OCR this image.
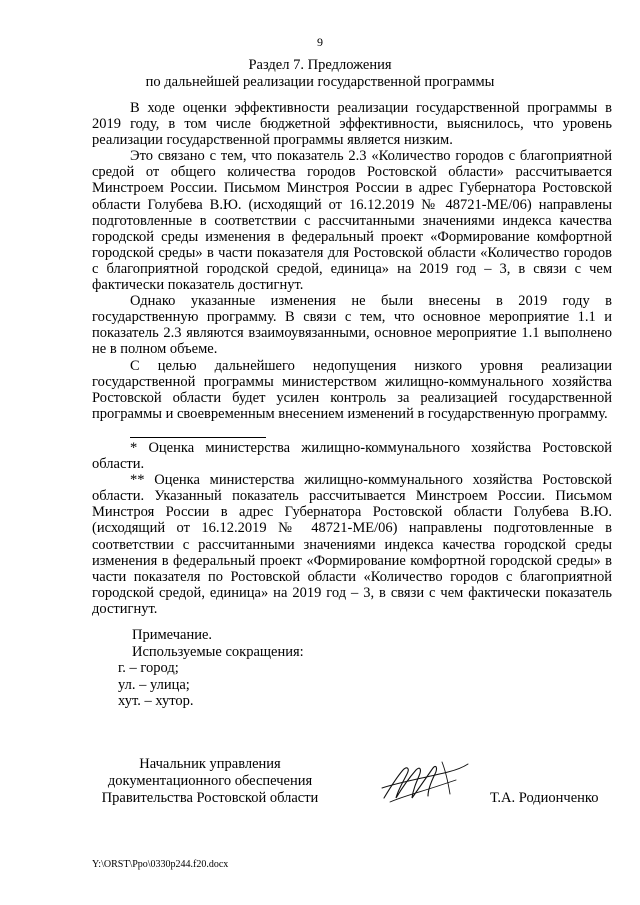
9
Раздел 7. Предложения
по дальнейшей реализации государственной программы

В ходе оценки эффективности реализации государственной программы в 2019 году, в том числе бюджетной эффективности, выяснилось, что уровень реализации государственной программы является низким.

Это связано с тем, что показатель 2.3 «Количество городов с благоприятной средой от общего количества городов Ростовской области» рассчитывается Минстроем России. Письмом Минстроя России в адрес Губернатора Ростовской области Голубева В.Ю. (исходящий от 16.12.2019 № 48721-МЕ/06) направлены подготовленные в соответствии с рассчитанными значениями индекса качества городской среды изменения в федеральный проект «Формирование комфортной городской среды» в части показателя для Ростовской области «Количество городов с благоприятной городской средой, единица» на 2019 год – 3, в связи с чем фактически показатель достигнут.

Однако указанные изменения не были внесены в 2019 году в государственную программу. В связи с тем, что основное мероприятие 1.1 и показатель 2.3 являются взаимоувязанными, основное мероприятие 1.1 выполнено не в полном объеме.

С целью дальнейшего недопущения низкого уровня реализации государственной программы министерством жилищно-коммунального хозяйства Ростовской области будет усилен контроль за реализацией государственной программы и своевременным внесением изменений в государственную программу.

* Оценка министерства жилищно-коммунального хозяйства Ростовской области.

** Оценка министерства жилищно-коммунального хозяйства Ростовской области. Указанный показатель рассчитывается Минстроем России. Письмом Минстроя России в адрес Губернатора Ростовской области Голубева В.Ю. (исходящий от 16.12.2019 № 48721-МЕ/06) направлены подготовленные в соответствии с рассчитанными значениями индекса качества городской среды изменения в федеральный проект «Формирование комфортной городской среды» в части показателя по Ростовской области «Количество городов с благоприятной городской средой, единица» на 2019 год – 3, в связи с чем фактически показатель достигнут.

Примечание.
Используемые сокращения:
г. – город;
ул. – улица;
хут. – хутор.
Начальник управления
документационного обеспечения
Правительства Ростовской области	Т.А. Родионченко
Y:\ORST\Ppo\0330p244.f20.docx
